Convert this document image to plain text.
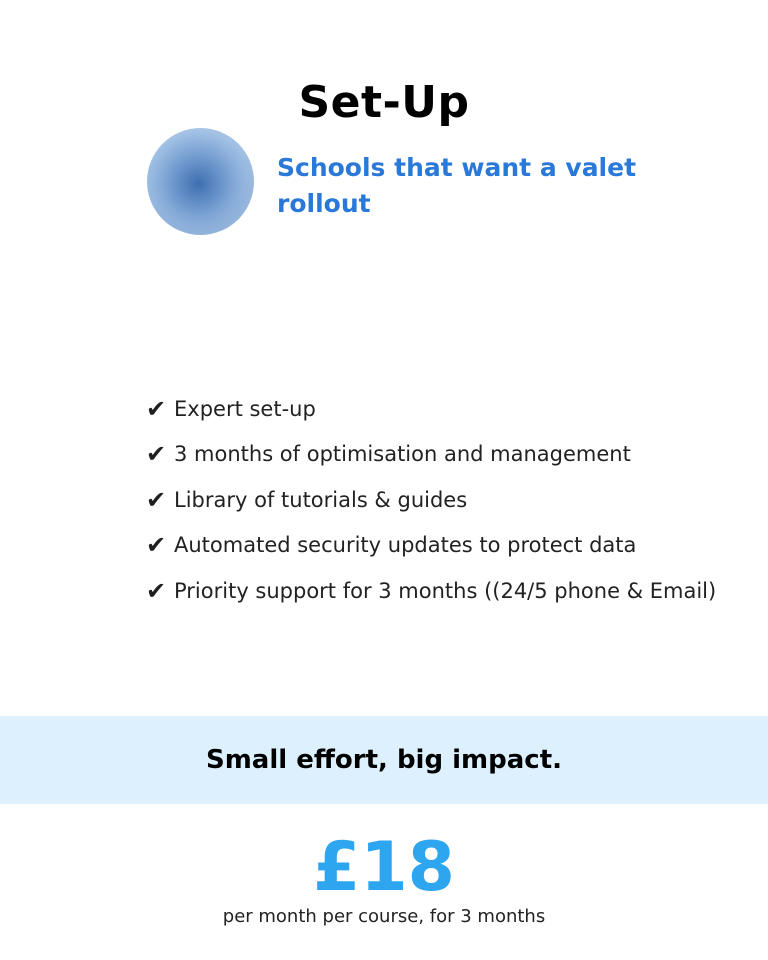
Set-Up
Schools that want a valet rollout
✔ Expert set-up
✔ 3 months of optimisation and management
✔ Library of tutorials & guides
✔ Automated security updates to protect data
✔ Priority support for 3 months ((24/5 phone & Email)
Small effort, big impact.
£18
per month per course, for 3 months
